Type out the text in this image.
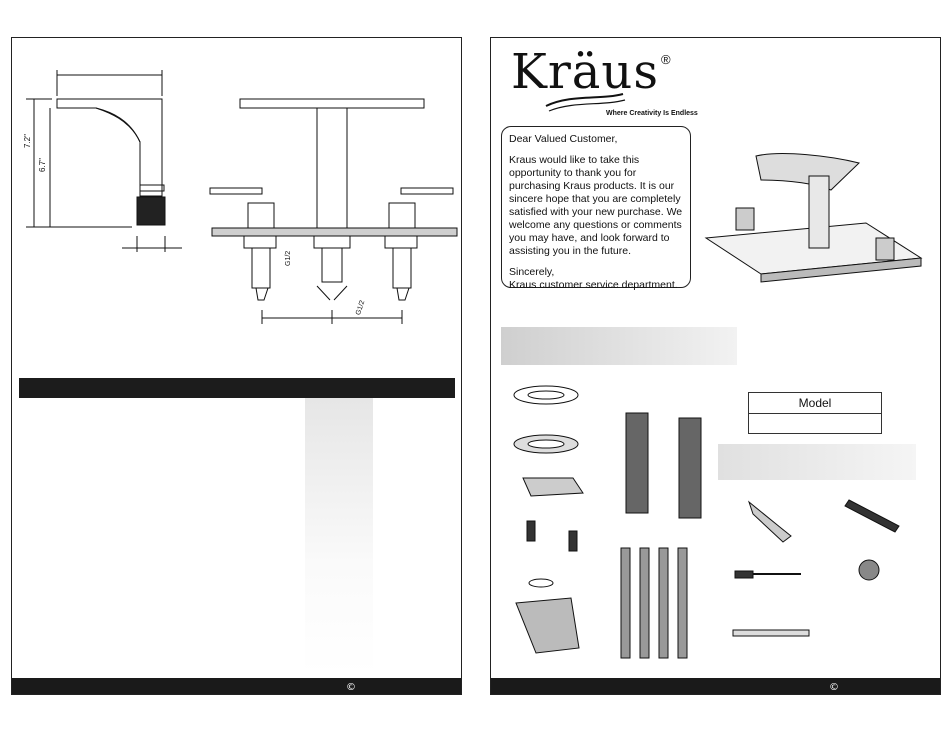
7.2"
6.7"
G1/2
G1/2
©
Kräus ®
Where Creativity Is Endless

Dear Valued Customer,

Kraus would like to take this opportunity to thank you for purchasing Kraus products. It is our sincere hope that you are completely satisfied with your new purchase. We welcome any questions or comments you may have, and look forward to assisting you in the future.

Sincerely,

Kraus customer service department.

Model
©
